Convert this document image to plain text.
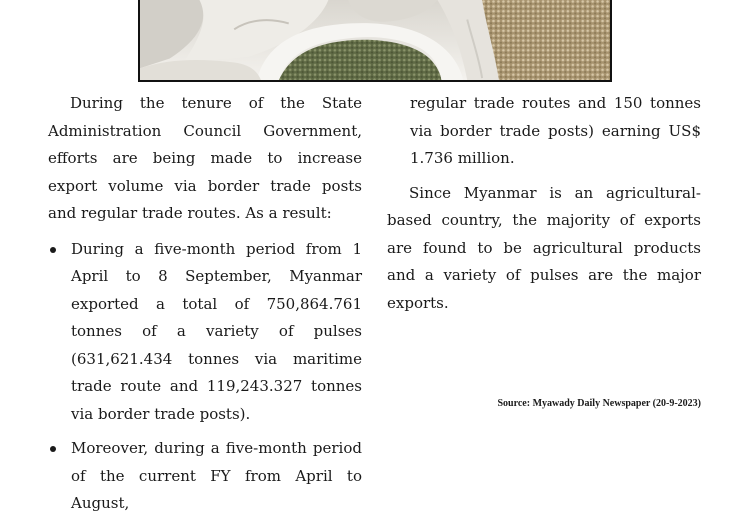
During the tenure of the State Administration Council Government, efforts are being made to increase export volume via border trade posts and regular trade routes. As a result:

During a five-month period from 1 April to 8 September, Myanmar exported a total of 750,864.761 tonnes of a variety of pulses (631,621.434 tonnes via maritime trade route and 119,243.327 tonnes via border trade posts).
Moreover, during a five-month period of the current FY from April to August,

regular trade routes and 150 tonnes via border trade posts) earning US$ 1.736 million.

Since Myanmar is an agricultural-based country, the majority of exports are found to be agricultural products and a variety of pulses are the major exports.

Source: Myawady Daily Newspaper (20-9-2023)
